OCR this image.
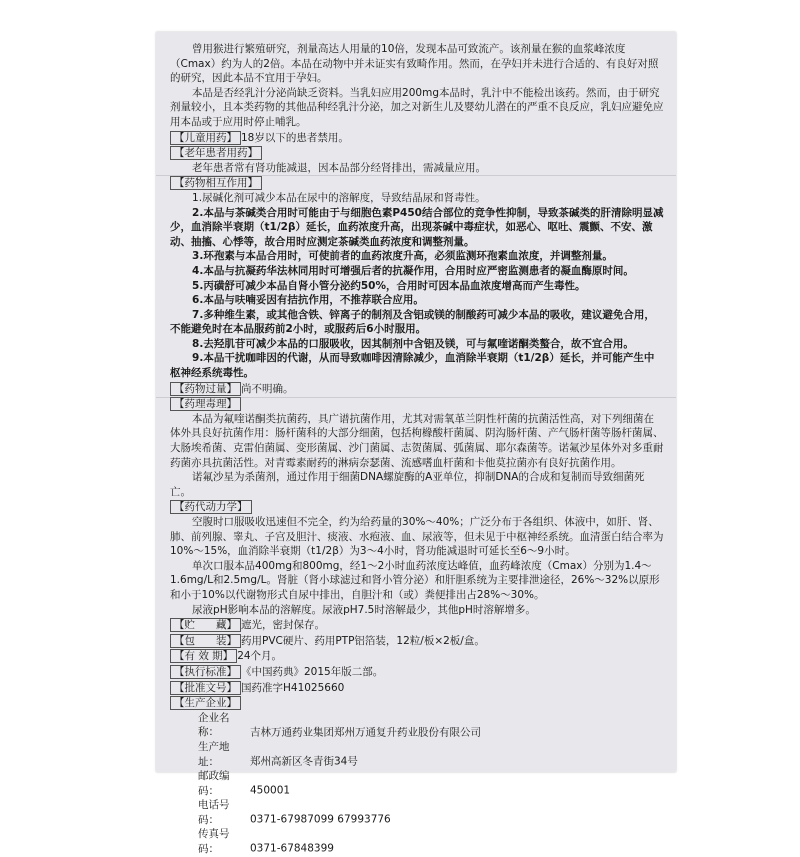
曾用猴进行繁殖研究，剂量高达人用量的10倍，发现本品可致流产。该剂量在猴的血浆峰浓度（Cmax）约为人的2倍。本品在动物中并未证实有致畸作用。然而，在孕妇并未进行合适的、有良好对照的研究，因此本品不宜用于孕妇。

本品是否经乳汁分泌尚缺乏资料。当乳妇应用200mg本品时，乳汁中不能检出该药。然而，由于研究剂量较小，且本类药物的其他品种经乳汁分泌，加之对新生儿及婴幼儿潜在的严重不良反应，乳妇应避免应用本品或于应用时停止哺乳。

【儿童用药】 18岁以下的患者禁用。
【老年患者用药】

老年患者常有肾功能减退，因本品部分经肾排出，需减量应用。

【药物相互作用】

1.尿碱化剂可减少本品在尿中的溶解度，导致结晶尿和肾毒性。

2.本品与茶碱类合用时可能由于与细胞色素P450结合部位的竞争性抑制，导致茶碱类的肝清除明显减少，血消除半衰期（t1/2β）延长，血药浓度升高，出现茶碱中毒症状，如恶心、呕吐、震颤、不安、激动、抽搐、心悸等，故合用时应测定茶碱类血药浓度和调整剂量。

3.环孢素与本品合用时，可使前者的血药浓度升高，必须监测环孢素血浓度，并调整剂量。

4.本品与抗凝药华法林同用时可增强后者的抗凝作用，合用时应严密监测患者的凝血酶原时间。

5.丙磺舒可减少本品自肾小管分泌约50%，合用时可因本品血浓度增高而产生毒性。

6.本品与呋喃妥因有拮抗作用，不推荐联合应用。

7.多种维生素，或其他含铁、锌离子的制剂及含铝或镁的制酸药可减少本品的吸收，建议避免合用，不能避免时在本品服药前2小时，或服药后6小时服用。

8.去羟肌苷可减少本品的口服吸收，因其制剂中含铝及镁，可与氟喹诺酮类螯合，故不宜合用。

9.本品干扰咖啡因的代谢，从而导致咖啡因清除减少，血消除半衰期（t1/2β）延长，并可能产生中枢神经系统毒性。

【药物过量】 尚不明确。
【药理毒理】

本品为氟喹诺酮类抗菌药，具广谱抗菌作用，尤其对需氧革兰阴性杆菌的抗菌活性高，对下列细菌在体外具良好抗菌作用：肠杆菌科的大部分细菌，包括枸橼酸杆菌属、阴沟肠杆菌、产气肠杆菌等肠杆菌属、大肠埃希菌、克雷伯菌属、变形菌属、沙门菌属、志贺菌属、弧菌属、耶尔森菌等。诺氟沙星体外对多重耐药菌亦具抗菌活性。对青霉素耐药的淋病奈瑟菌、流感嗜血杆菌和卡他莫拉菌亦有良好抗菌作用。

诺氟沙星为杀菌剂，通过作用于细菌DNA螺旋酶的A亚单位，抑制DNA的合成和复制而导致细菌死亡。

【药代动力学】

空腹时口服吸收迅速但不完全，约为给药量的30%～40%；广泛分布于各组织、体液中，如肝、肾、肺、前列腺、睾丸、子宫及胆汁、痰液、水疱液、血、尿液等，但未见于中枢神经系统。血清蛋白结合率为10%～15%，血消除半衰期（t1/2β）为3～4小时，肾功能减退时可延长至6～9小时。

单次口服本品400mg和800mg，经1～2小时血药浓度达峰值，血药峰浓度（Cmax）分别为1.4～1.6mg/L和2.5mg/L。肾脏（肾小球滤过和肾小管分泌）和肝胆系统为主要排泄途径，26%～32%以原形和小于10%以代谢物形式自尿中排出，自胆汁和（或）粪便排出占28%～30%。

尿液pH影响本品的溶解度。尿液pH7.5时溶解最少，其他pH时溶解增多。

【贮　　藏】 遮光，密封保存。
【包　　装】 药用PVC硬片、药用PTP铝箔装，12粒/板×2板/盒。
【有 效 期】 24个月。
【执行标准】 《中国药典》2015年版二部。
【批准文号】 国药准字H41025660
【生产企业】
企业名称：	吉林万通药业集团郑州万通复升药业股份有限公司
生产地址：	郑州高新区冬青街34号
邮政编码：	450001
电话号码：	0371-67987099 67993776
传真号码：	0371-67848399
